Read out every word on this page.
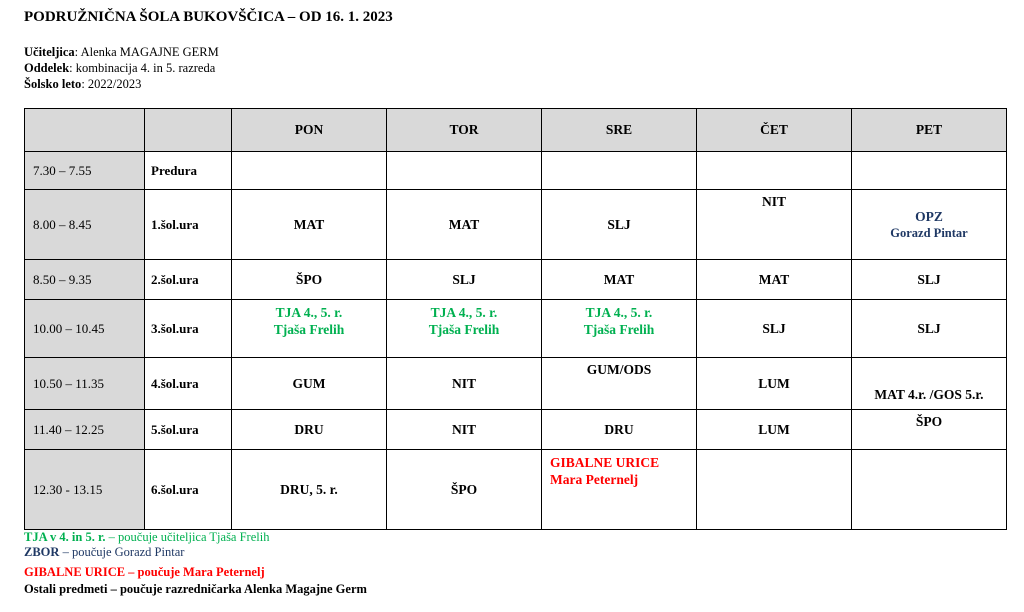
PODRUŽNIČNA ŠOLA BUKOVŠČICA – OD 16. 1. 2023
Učiteljica: Alenka MAGAJNE GERM
Oddelek: kombinacija 4. in 5. razreda
Šolsko leto: 2022/2023
		PON	TOR	SRE	ČET	PET
7.30 – 7.55	Predura					
8.00 – 8.45	1.šol.ura	MAT	MAT	SLJ	NIT	OPZ
Gorazd Pintar

8.50 – 9.35	2.šol.ura	ŠPO	SLJ	MAT	MAT	SLJ
10.00 – 10.45	3.šol.ura	TJA 4., 5. r.
Tjaša Frelih	TJA 4., 5. r.
Tjaša Frelih	TJA 4., 5. r.
Tjaša Frelih	SLJ	SLJ
10.50 – 11.35	4.šol.ura	GUM	NIT	GUM/ODS	LUM	MAT 4.r. /GOS 5.r.
11.40 – 12.25	5.šol.ura	DRU	NIT	DRU	LUM	ŠPO
12.30 - 13.15	6.šol.ura	DRU, 5. r.	ŠPO	GIBALNE URICE
Mara Peternelj		

TJA v 4. in 5. r. – poučuje učiteljica Tjaša Frelih
ZBOR – poučuje Gorazd Pintar
GIBALNE URICE – poučuje Mara Peternelj
Ostali predmeti – poučuje razredničarka Alenka Magajne Germ
